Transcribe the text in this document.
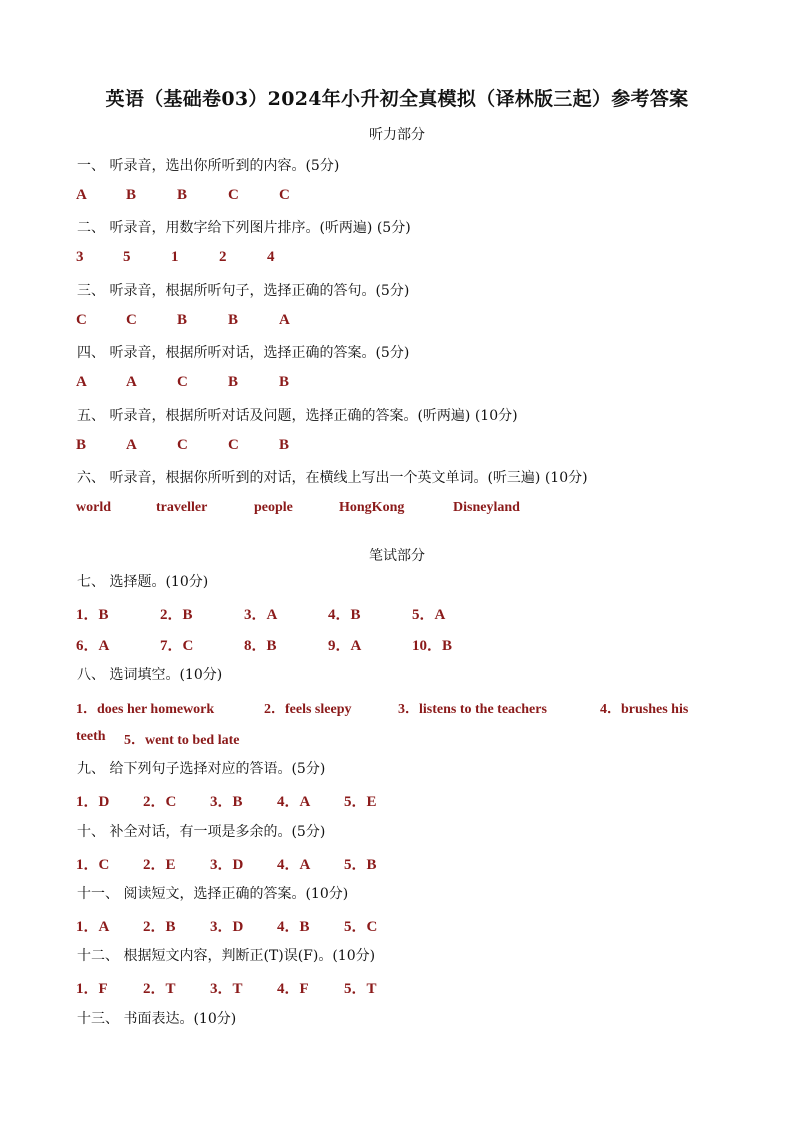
英语（基础卷03）2024年小升初全真模拟（译林版三起）参考答案
听力部分
一、 听录音，选出你所听到的内容。(5分)
A	B	B	C	C
二、 听录音，用数字给下列图片排序。(听两遍) (5分)
3	5	1	2	4
三、 听录音，根据所听句子，选择正确的答句。(5分)
C	C	B	B	A
四、 听录音，根据所听对话，选择正确的答案。(5分)
A	A	C	B	B
五、 听录音，根据所听对话及问题，选择正确的答案。(听两遍) (10分)
B	A	C	C	B
六、 听录音，根据你所听到的对话，在横线上写出一个英文单词。(听三遍) (10分)
world	traveller	people	HongKong	Disneyland
笔试部分
七、 选择题。(10分)
1．B	2．B	3．A	4．B	5．A
6．A	7．C	8．B	9．A	10．B
八、 选词填空。(10分)
1．does her homework	2．feels sleepy	3．listens to the teachers	4．brushes his
teeth 5．went to bed late
九、 给下列句子选择对应的答语。(5分)
1．D 2．C 3．B 4．A 5．E
十、 补全对话，有一项是多余的。(5分)
1．C 2．E 3．D 4．A 5．B
十一、 阅读短文，选择正确的答案。(10分)
1．A 2．B 3．D 4．B 5．C
十二、 根据短文内容，判断正(T)误(F)。(10分)
1．F 2．T 3．T 4．F 5．T
十三、 书面表达。(10分)
